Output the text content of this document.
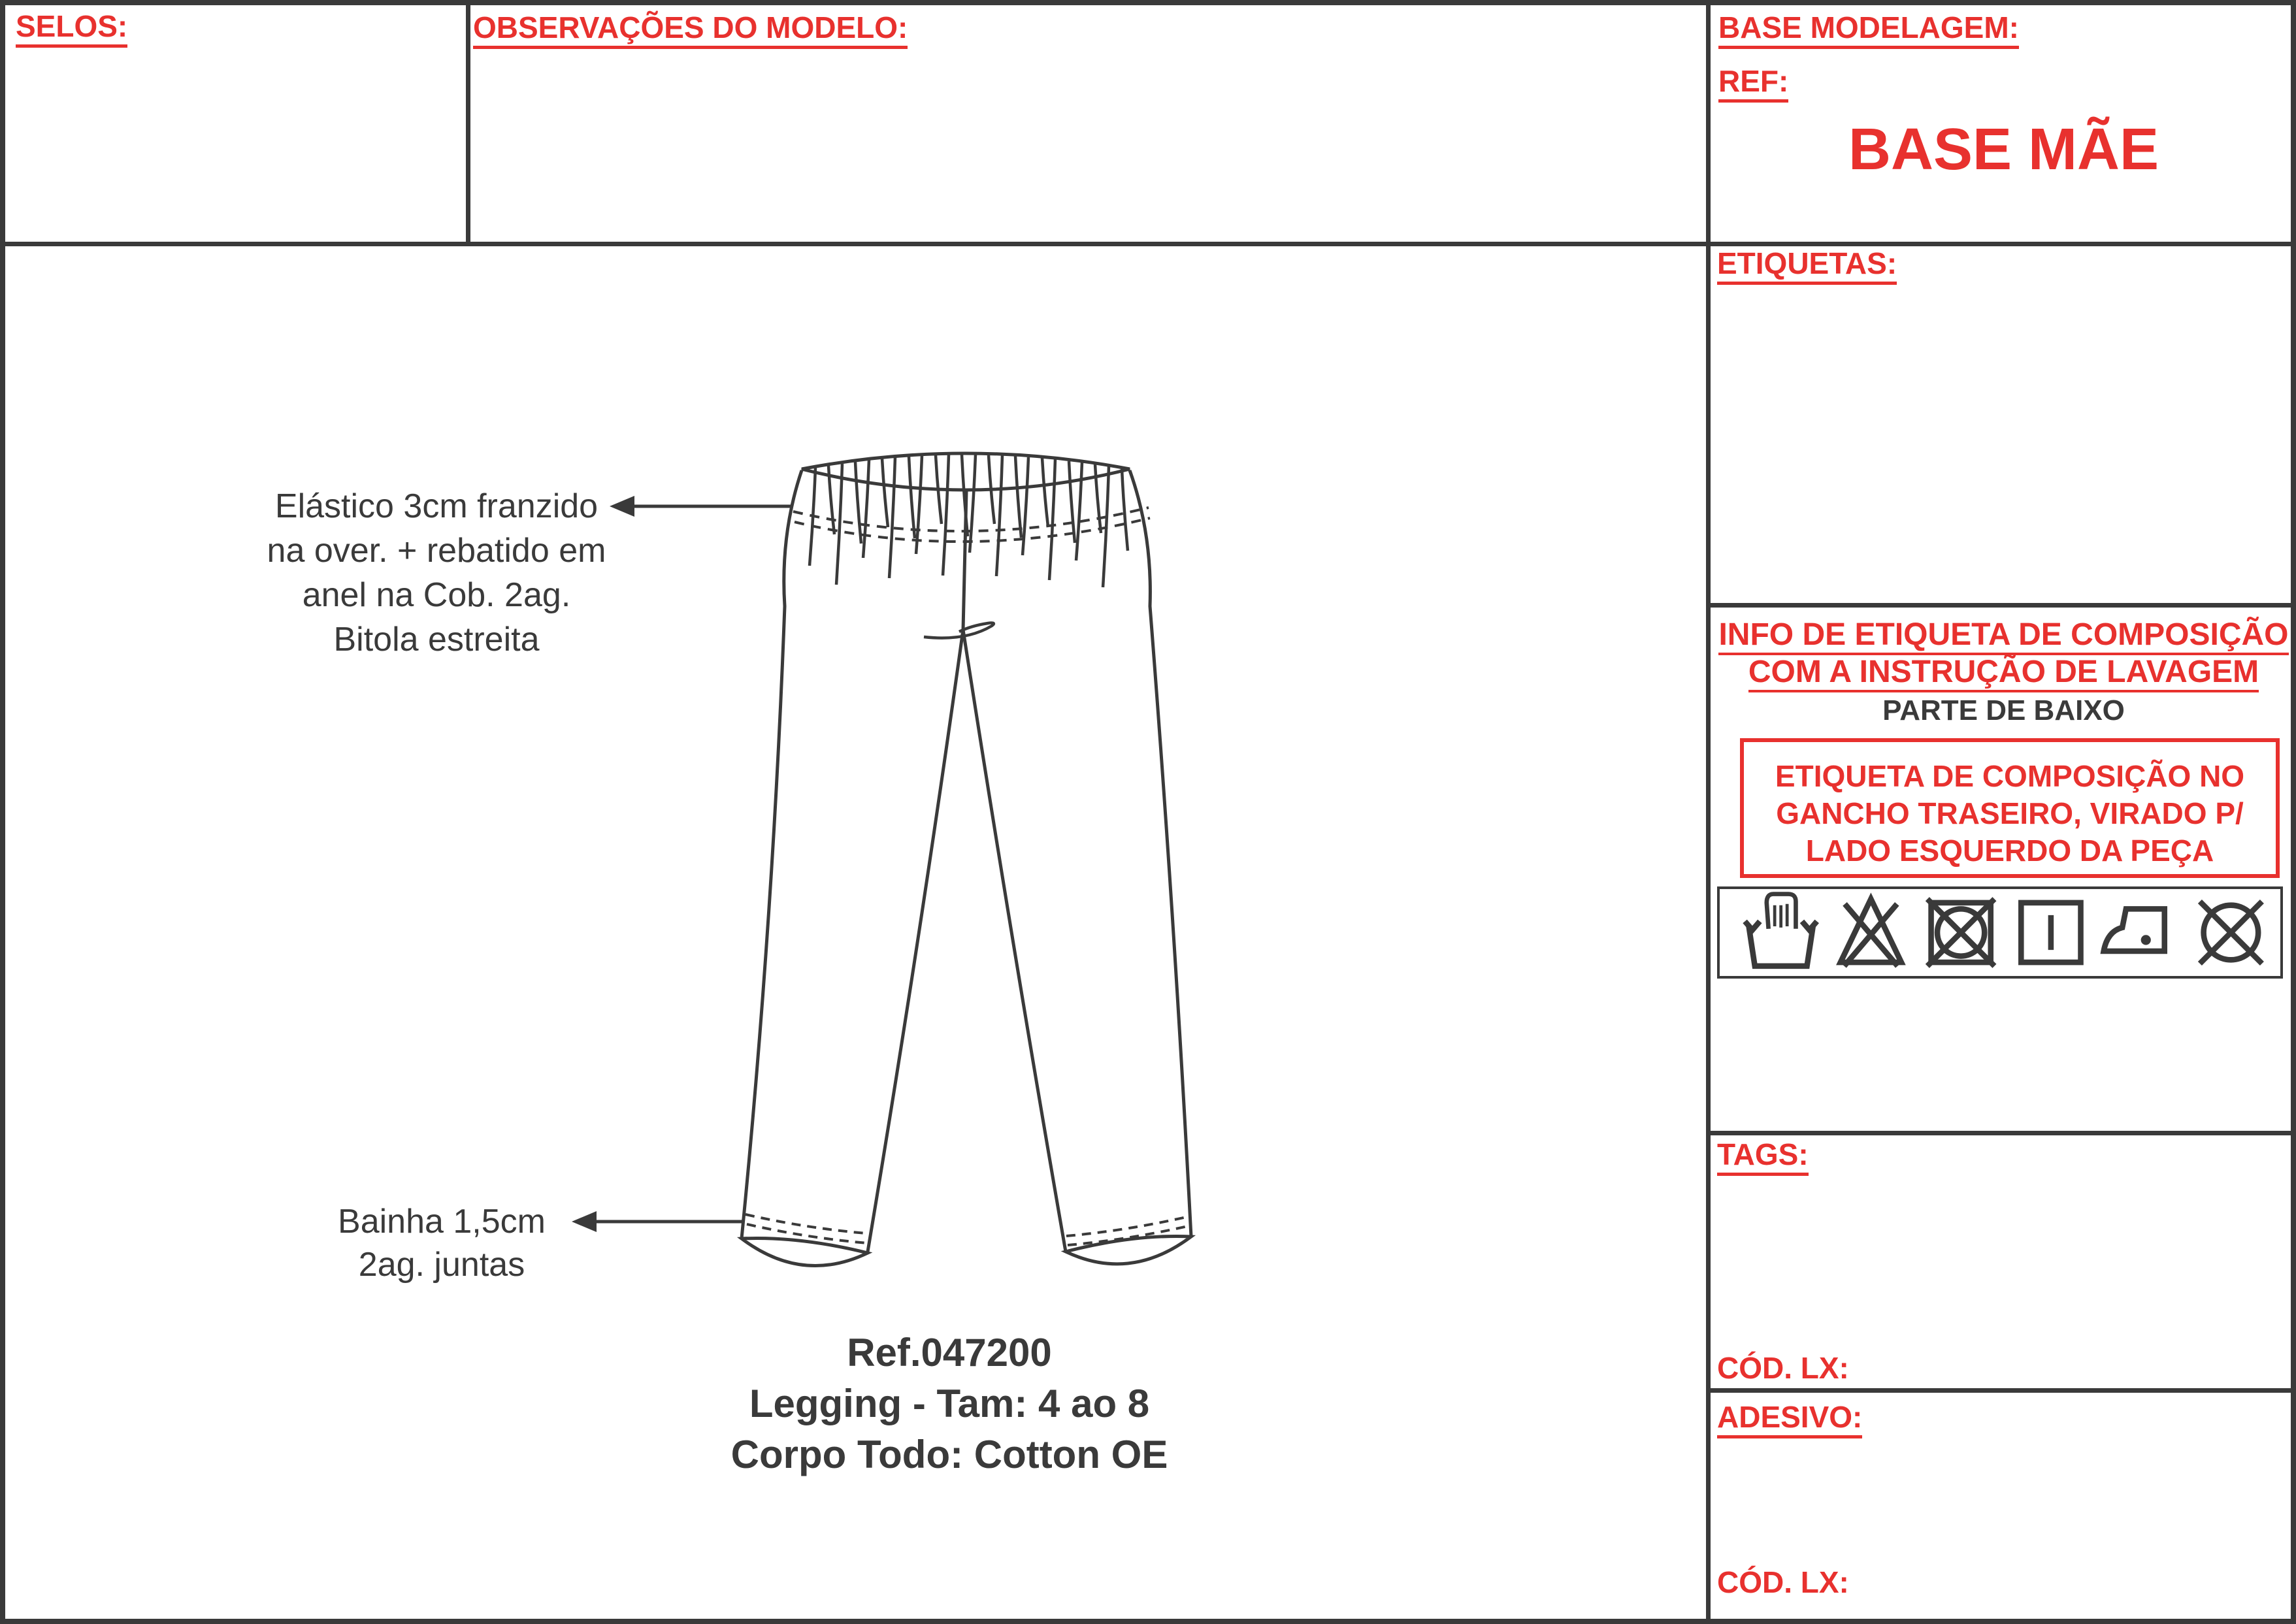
SELOS:	OBSERVAÇÕES DO MODELO:	BASE MODELAGEM:
REF:
BASE MÃE
ETIQUETAS:
INFO DE ETIQUETA DE COMPOSIÇÃO
COM A INSTRUÇÃO DE LAVAGEM
PARTE DE BAIXO
ETIQUETA DE COMPOSIÇÃO NO
GANCHO TRASEIRO, VIRADO P/
LADO ESQUERDO DA PEÇA
TAGS:
CÓD. LX:
ADESIVO:
CÓD. LX:
Elástico 3cm franzido
na over. + rebatido em
anel na Cob. 2ag.
Bitola estreita
Bainha 1,5cm
2ag. juntas
Ref.047200
Legging - Tam: 4 ao 8
Corpo Todo: Cotton OE
